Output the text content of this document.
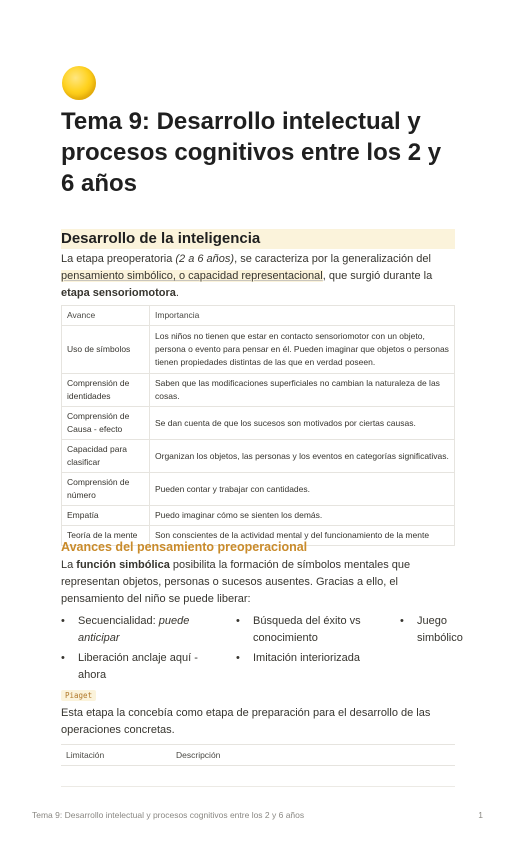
Tema 9: Desarrollo intelectual y procesos cognitivos entre los 2 y 6 años
Desarrollo de la inteligencia
La etapa preoperatoria (2 a 6 años), se caracteriza por la generalización del pensamiento simbólico, o capacidad representacional, que surgió durante la etapa sensoriomotora.
Avance	Importancia
Uso de símbolos	Los niños no tienen que estar en contacto sensoriomotor con un objeto, persona o evento para pensar en él. Pueden imaginar que objetos o personas tienen propiedades distintas de las que en verdad poseen.
Comprensión de identidades	Saben que las modificaciones superficiales no cambian la naturaleza de las cosas.
Comprensión de Causa - efecto	Se dan cuenta de que los sucesos son motivados por ciertas causas.
Capacidad para clasificar	Organizan los objetos, las personas y los eventos en categorías significativas.
Comprensión de número	Pueden contar y trabajar con cantidades.
Empatía	Puedo imaginar cómo se sienten los demás.
Teoría de la mente	Son conscientes de la actividad mental y del funcionamiento de la mente
Avances del pensamiento preoperacional
La función simbólica posibilita la formación de símbolos mentales que representan objetos, personas o sucesos ausentes. Gracias a ello, el pensamiento del niño se puede liberar:
• Secuencialidad: puede anticipar
• Búsqueda del éxito vs conocimiento
• Juego simbólico
• Liberación anclaje aquí - ahora
• Imitación interiorizada
Piaget
Esta etapa la concebía como etapa de preparación para el desarrollo de las operaciones concretas.
Limitación	Descripción
Tema 9: Desarrollo intelectual y procesos cognitivos entre los 2 y 6 años	1
